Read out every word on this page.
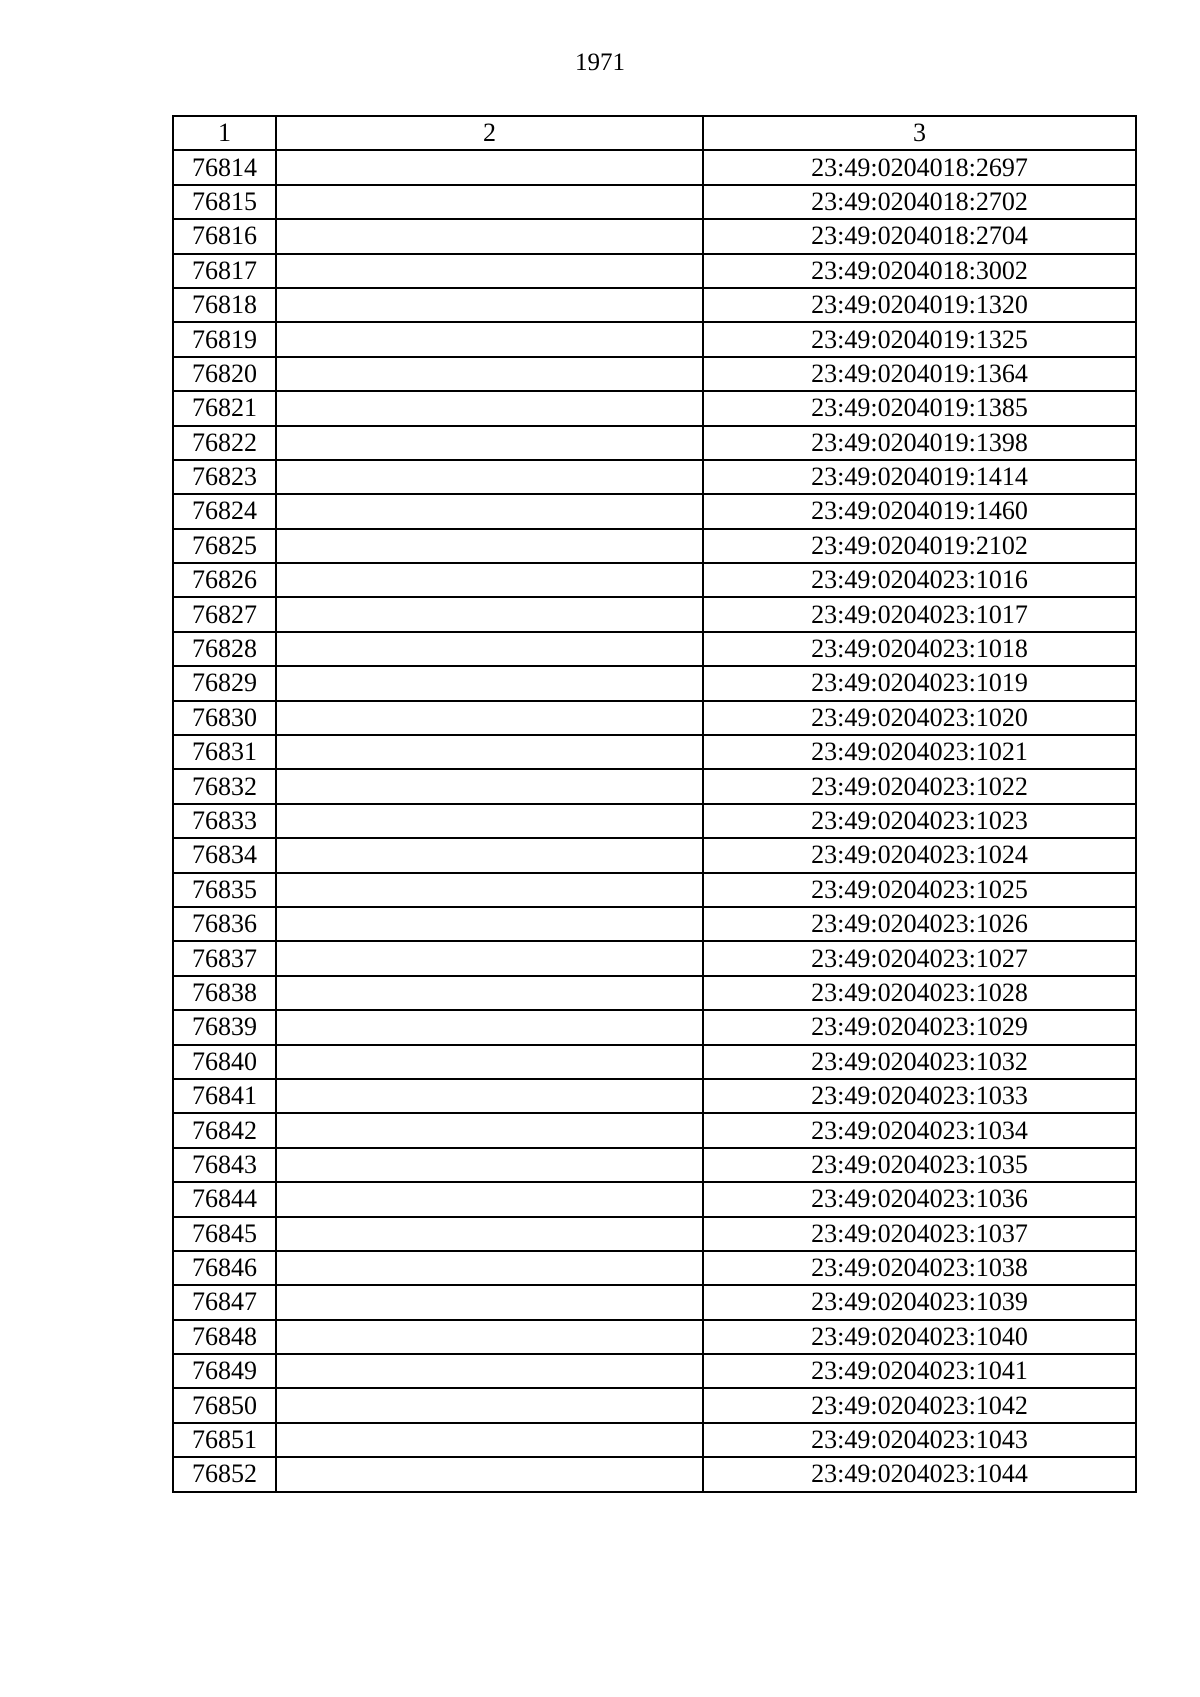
1971
1	2	3
76814		23:49:0204018:2697
76815		23:49:0204018:2702
76816		23:49:0204018:2704
76817		23:49:0204018:3002
76818		23:49:0204019:1320
76819		23:49:0204019:1325
76820		23:49:0204019:1364
76821		23:49:0204019:1385
76822		23:49:0204019:1398
76823		23:49:0204019:1414
76824		23:49:0204019:1460
76825		23:49:0204019:2102
76826		23:49:0204023:1016
76827		23:49:0204023:1017
76828		23:49:0204023:1018
76829		23:49:0204023:1019
76830		23:49:0204023:1020
76831		23:49:0204023:1021
76832		23:49:0204023:1022
76833		23:49:0204023:1023
76834		23:49:0204023:1024
76835		23:49:0204023:1025
76836		23:49:0204023:1026
76837		23:49:0204023:1027
76838		23:49:0204023:1028
76839		23:49:0204023:1029
76840		23:49:0204023:1032
76841		23:49:0204023:1033
76842		23:49:0204023:1034
76843		23:49:0204023:1035
76844		23:49:0204023:1036
76845		23:49:0204023:1037
76846		23:49:0204023:1038
76847		23:49:0204023:1039
76848		23:49:0204023:1040
76849		23:49:0204023:1041
76850		23:49:0204023:1042
76851		23:49:0204023:1043
76852		23:49:0204023:1044
